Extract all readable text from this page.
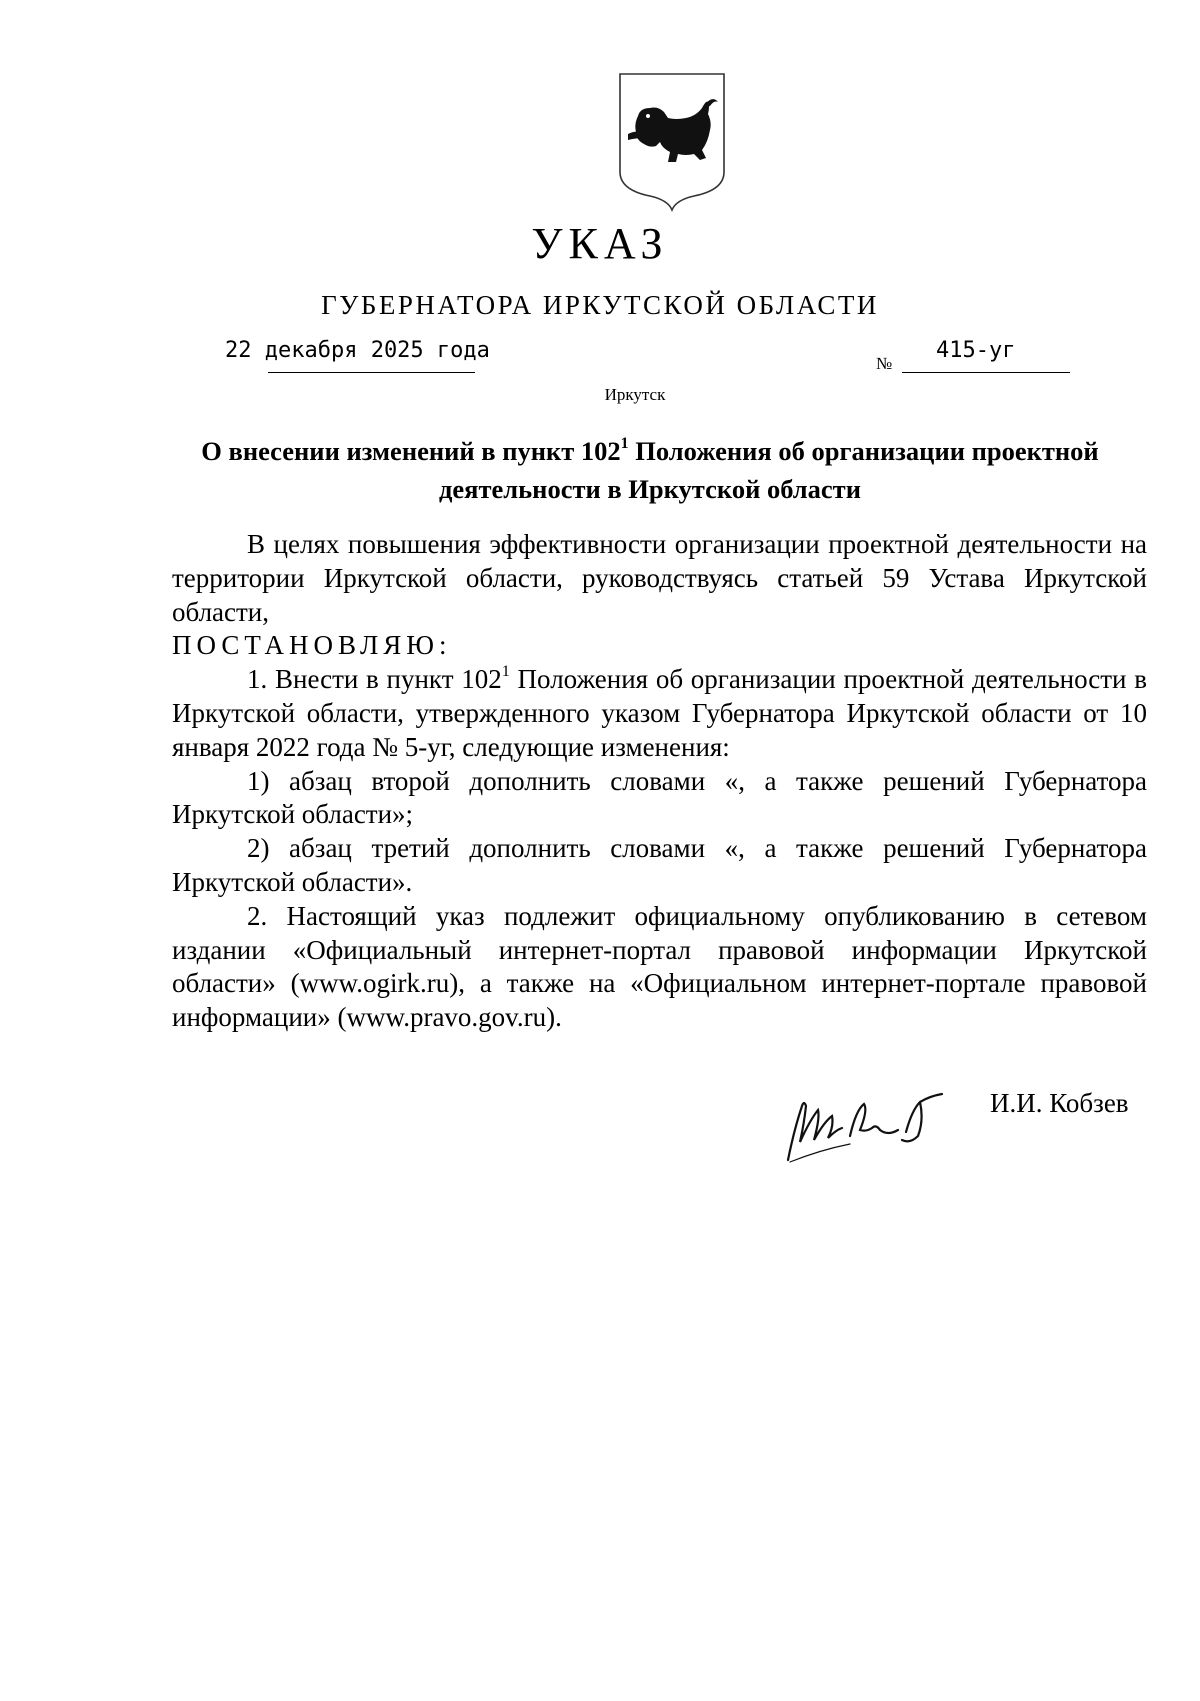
УКАЗ
ГУБЕРНАТОРА ИРКУТСКОЙ ОБЛАСТИ
22 декабря 2025 года
№
415-уг
Иркутск
О внесении изменений в пункт $102^1$ Положения об организации проектной деятельности в Иркутской области

В целях повышения эффективности организации проектной деятельности на территории Иркутской области, руководствуясь статьей 59 Устава Иркутской области,

ПОСТАНОВЛЯЮ:

1. Внести в пункт $102^1$ Положения об организации проектной деятельности в Иркутской области, утвержденного указом Губернатора Иркутской области от 10 января 2022 года № 5-уг, следующие изменения:

1) абзац второй дополнить словами «, а также решений Губернатора Иркутской области»;

2) абзац третий дополнить словами «, а также решений Губернатора Иркутской области».

2. Настоящий указ подлежит официальному опубликованию в сетевом издании «Официальный интернет-портал правовой информации Иркутской области» (www.ogirk.ru), а также на «Официальном интернет-портале правовой информации» (www.pravo.gov.ru).

И.И. Кобзев
